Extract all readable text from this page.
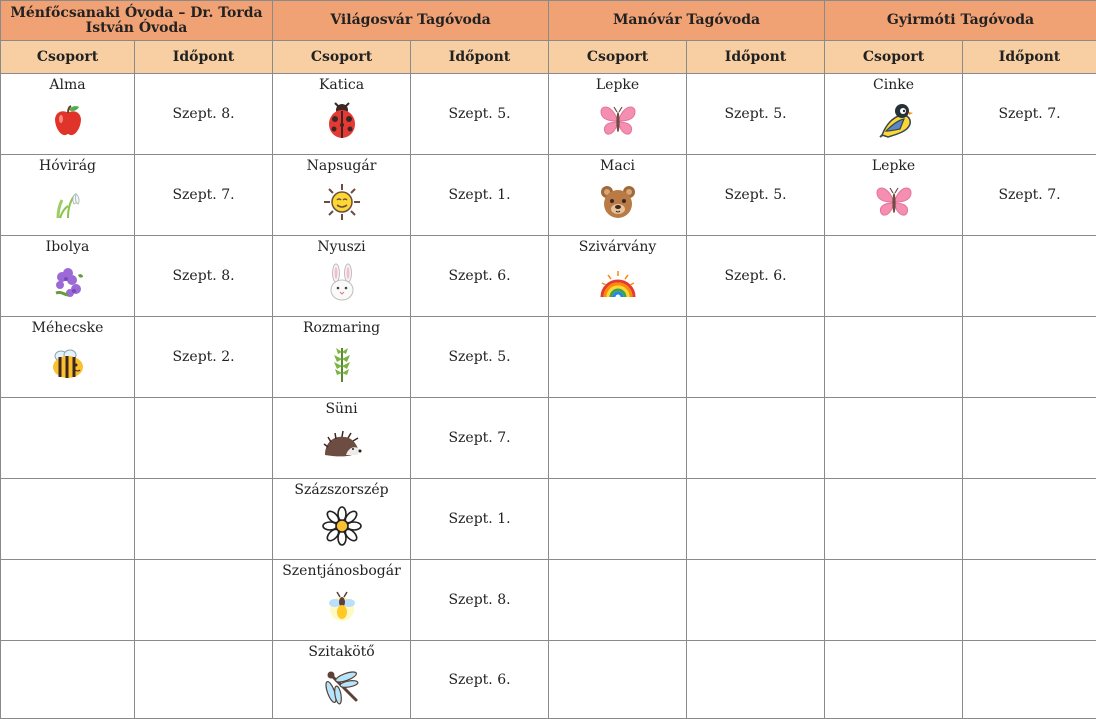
Ménfőcsanaki Óvoda – Dr. Torda István Óvoda		Világosvár Tagóvoda		Manóvár Tagóvoda		Gyirmóti Tagóvoda	
Csoport	Időpont	Csoport	Időpont	Csoport	Időpont	Csoport	Időpont

Alma	Szept. 8.	Katica	Szept. 5.	Lepke	Szept. 5.	Cinke	Szept. 7.

Hóvirág	Szept. 7.	Napsugár	Szept. 1.	Maci	Szept. 5.	Lepke	Szept. 7.

Ibolya	Szept. 8.	Nyuszi	Szept. 6.	Szivárvány	Szept. 6.		

Méhecske	Szept. 2.	Rozmaring	Szept. 5.				

		Süni	Szept. 7.				

		Százszorszép	Szept. 1.				

		Szentjánosbogár	Szept. 8.				

		Szitakötő	Szept. 6.				
